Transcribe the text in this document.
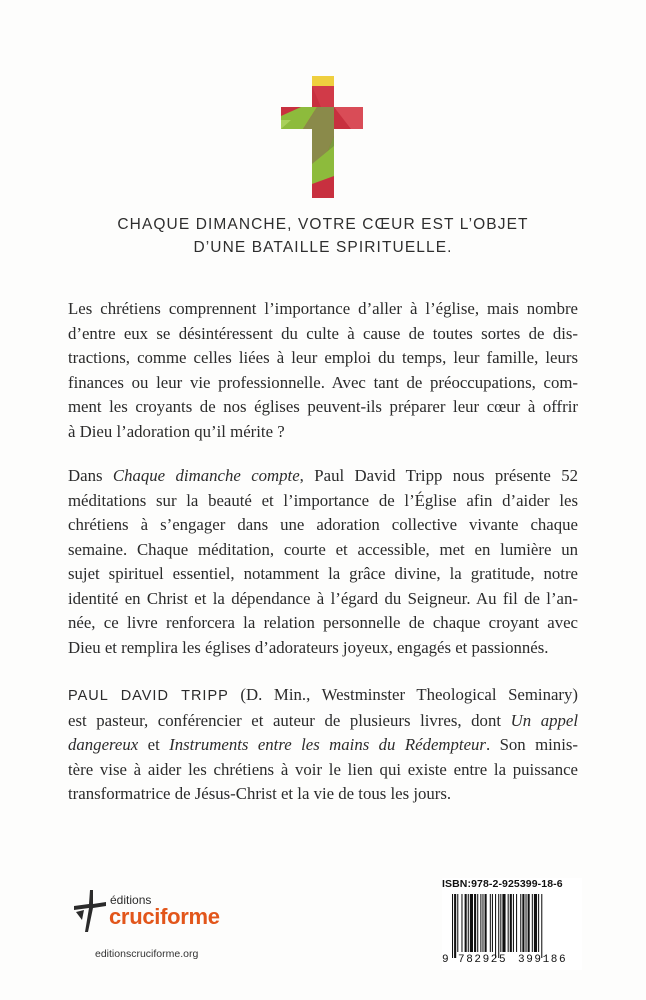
CHAQUE DIMANCHE, VOTRE CŒUR EST L’OBJET
D’UNE BATAILLE SPIRITUELLE.
Les chrétiens comprennent l’importance d’aller à l’église, mais nombre
d’entre eux se désintéressent du culte à cause de toutes sortes de dis-
tractions, comme celles liées à leur emploi du temps, leur famille, leurs
finances ou leur vie professionnelle. Avec tant de préoccupations, com-
ment les croyants de nos églises peuvent-ils préparer leur cœur à offrir
à Dieu l’adoration qu’il mérite ?
Dans Chaque dimanche compte, Paul David Tripp nous présente 52
méditations sur la beauté et l’importance de l’Église afin d’aider les
chrétiens à s’engager dans une adoration collective vivante chaque
semaine. Chaque méditation, courte et accessible, met en lumière un
sujet spirituel essentiel, notamment la grâce divine, la gratitude, notre
identité en Christ et la dépendance à l’égard du Seigneur. Au fil de l’an-
née, ce livre renforcera la relation personnelle de chaque croyant avec
Dieu et remplira les églises d’adorateurs joyeux, engagés et passionnés.
PAUL DAVID TRIPP (D. Min., Westminster Theological Seminary)
est pasteur, conférencier et auteur de plusieurs livres, dont Un appel
dangereux et Instruments entre les mains du Rédempteur. Son minis-
tère vise à aider les chrétiens à voir le lien qui existe entre la puissance
transformatrice de Jésus-Christ et la vie de tous les jours.
éditions
cruciforme
editionscruciforme.org
ISBN:978-2-925399-18-6
9 782925 399186
